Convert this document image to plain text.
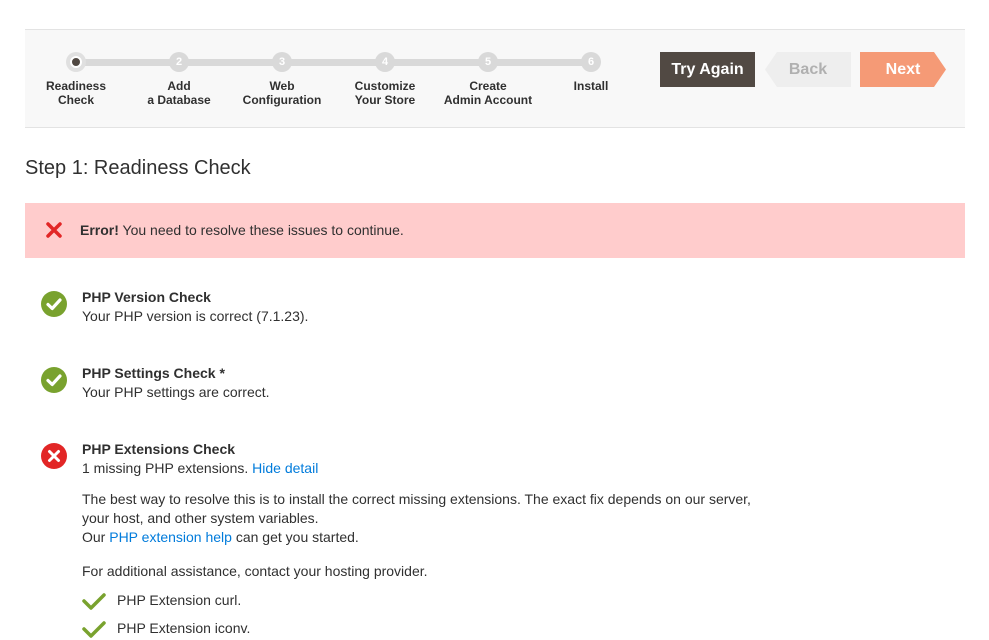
Readiness
Check
2
Add
a Database
3
Web
Configuration
4
Customize
Your Store
5
Create
Admin Account
6
Install
Try Again	Back	Next
Step 1: Readiness Check
Error! You need to resolve these issues to continue.
PHP Version Check
Your PHP version is correct (7.1.23).
PHP Settings Check *
Your PHP settings are correct.
PHP Extensions Check
1 missing PHP extensions. Hide detail
The best way to resolve this is to install the correct missing extensions. The exact fix depends on our server, your host, and other system variables.
Our PHP extension help can get you started.
For additional assistance, contact your hosting provider.
PHP Extension curl.
PHP Extension iconv.
